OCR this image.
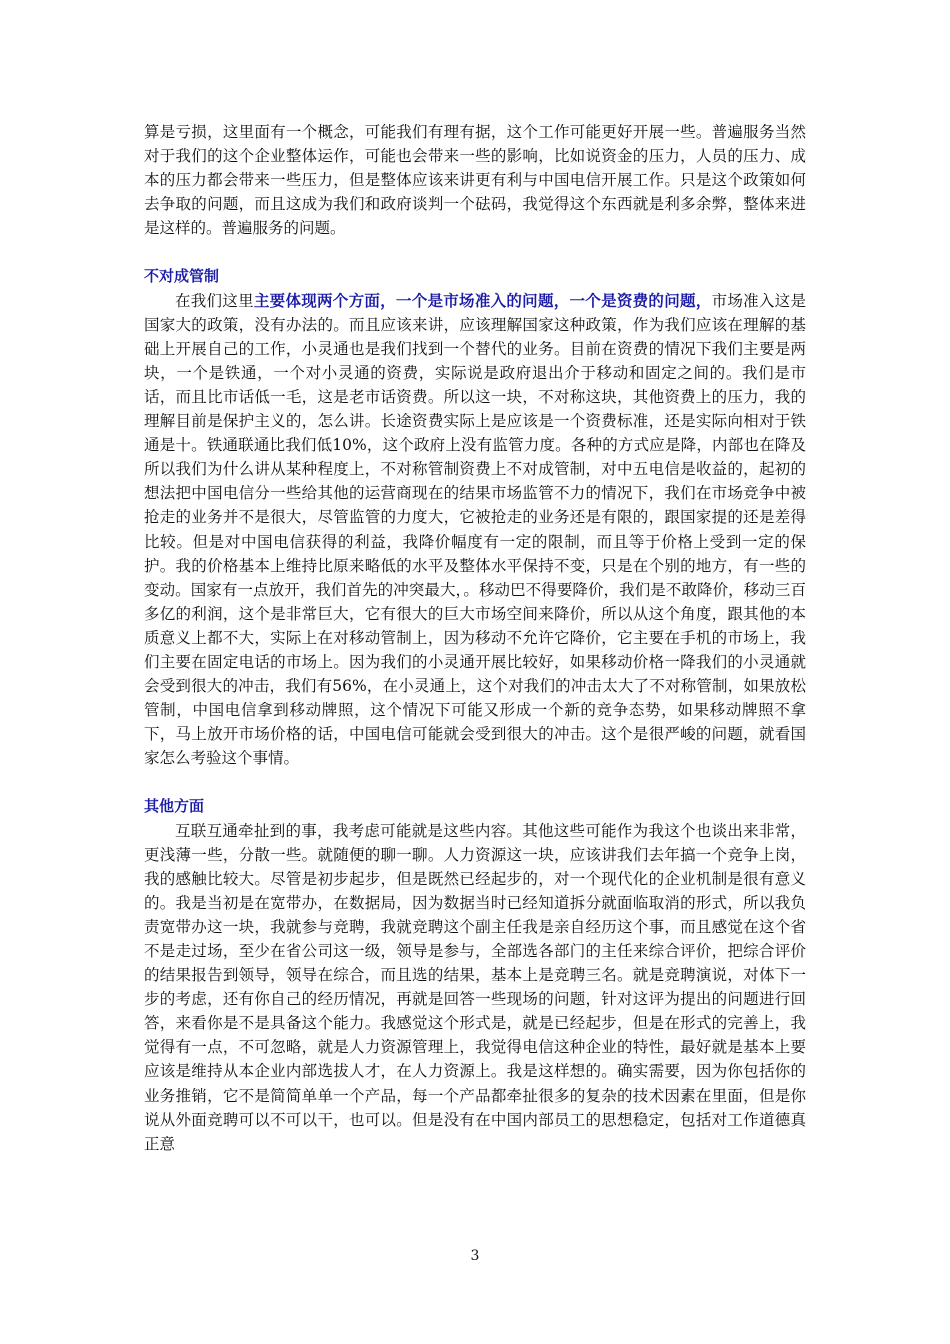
算是亏损，这里面有一个概念，可能我们有理有据，这个工作可能更好开展一些。普遍服务当然对于我们的这个企业整体运作，可能也会带来一些的影响，比如说资金的压力，人员的压力、成本的压力都会带来一些压力，但是整体应该来讲更有利与中国电信开展工作。只是这个政策如何去争取的问题，而且这成为我们和政府谈判一个砝码，我觉得这个东西就是利多余弊，整体来进是这样的。普遍服务的问题。

不对成管制

在我们这里主要体现两个方面，一个是市场准入的问题，一个是资费的问题，市场准入这是国家大的政策，没有办法的。而且应该来讲，应该理解国家这种政策，作为我们应该在理解的基础上开展自己的工作，小灵通也是我们找到一个替代的业务。目前在资费的情况下我们主要是两块，一个是铁通，一个对小灵通的资费，实际说是政府退出介于移动和固定之间的。我们是市话，而且比市话低一毛，这是老市话资费。所以这一块，不对称这块，其他资费上的压力，我的理解目前是保护主义的，怎么讲。长途资费实际上是应该是一个资费标准，还是实际向相对于铁通是十。铁通联通比我们低10%，这个政府上没有监管力度。各种的方式应是降，内部也在降及所以我们为什么讲从某种程度上，不对称管制资费上不对成管制，对中五电信是收益的，起初的想法把中国电信分一些给其他的运营商现在的结果市场监管不力的情况下，我们在市场竞争中被抢走的业务并不是很大，尽管监管的力度大，它被抢走的业务还是有限的，跟国家提的还是差得比较。但是对中国电信获得的利益，我降价幅度有一定的限制，而且等于价格上受到一定的保护。我的价格基本上维持比原来略低的水平及整体水平保持不变，只是在个别的地方，有一些的变动。国家有一点放开，我们首先的冲突最大，。移动巴不得要降价，我们是不敢降价，移动三百多亿的利润，这个是非常巨大，它有很大的巨大市场空间来降价，所以从这个角度，跟其他的本质意义上都不大，实际上在对移动管制上，因为移动不允许它降价，它主要在手机的市场上，我们主要在固定电话的市场上。因为我们的小灵通开展比较好，如果移动价格一降我们的小灵通就会受到很大的冲击，我们有56%，在小灵通上，这个对我们的冲击太大了不对称管制，如果放松管制，中国电信拿到移动牌照，这个情况下可能又形成一个新的竞争态势，如果移动牌照不拿下，马上放开市场价格的话，中国电信可能就会受到很大的冲击。这个是很严峻的问题，就看国家怎么考验这个事情。

其他方面

互联互通牵扯到的事，我考虑可能就是这些内容。其他这些可能作为我这个也谈出来非常，更浅薄一些，分散一些。就随便的聊一聊。人力资源这一块，应该讲我们去年搞一个竞争上岗，我的感触比较大。尽管是初步起步，但是既然已经起步的，对一个现代化的企业机制是很有意义的。我是当初是在宽带办，在数据局，因为数据当时已经知道拆分就面临取消的形式，所以我负责宽带办这一块，我就参与竞聘，我就竞聘这个副主任我是亲自经历这个事，而且感觉在这个省不是走过场，至少在省公司这一级，领导是参与，全部选各部门的主任来综合评价，把综合评价的结果报告到领导，领导在综合，而且选的结果，基本上是竞聘三名。就是竞聘演说，对体下一步的考虑，还有你自己的经历情况，再就是回答一些现场的问题，针对这评为提出的问题进行回答，来看你是不是具备这个能力。我感觉这个形式是，就是已经起步，但是在形式的完善上，我觉得有一点，不可忽略，就是人力资源管理上，我觉得电信这种企业的特性，最好就是基本上要应该是维持从本企业内部选拔人才，在人力资源上。我是这样想的。确实需要，因为你包括你的业务推销，它不是简简单单一个产品，每一个产品都牵扯很多的复杂的技术因素在里面，但是你说从外面竞聘可以不可以干，也可以。但是没有在中国内部员工的思想稳定，包括对工作道德真正意

3
